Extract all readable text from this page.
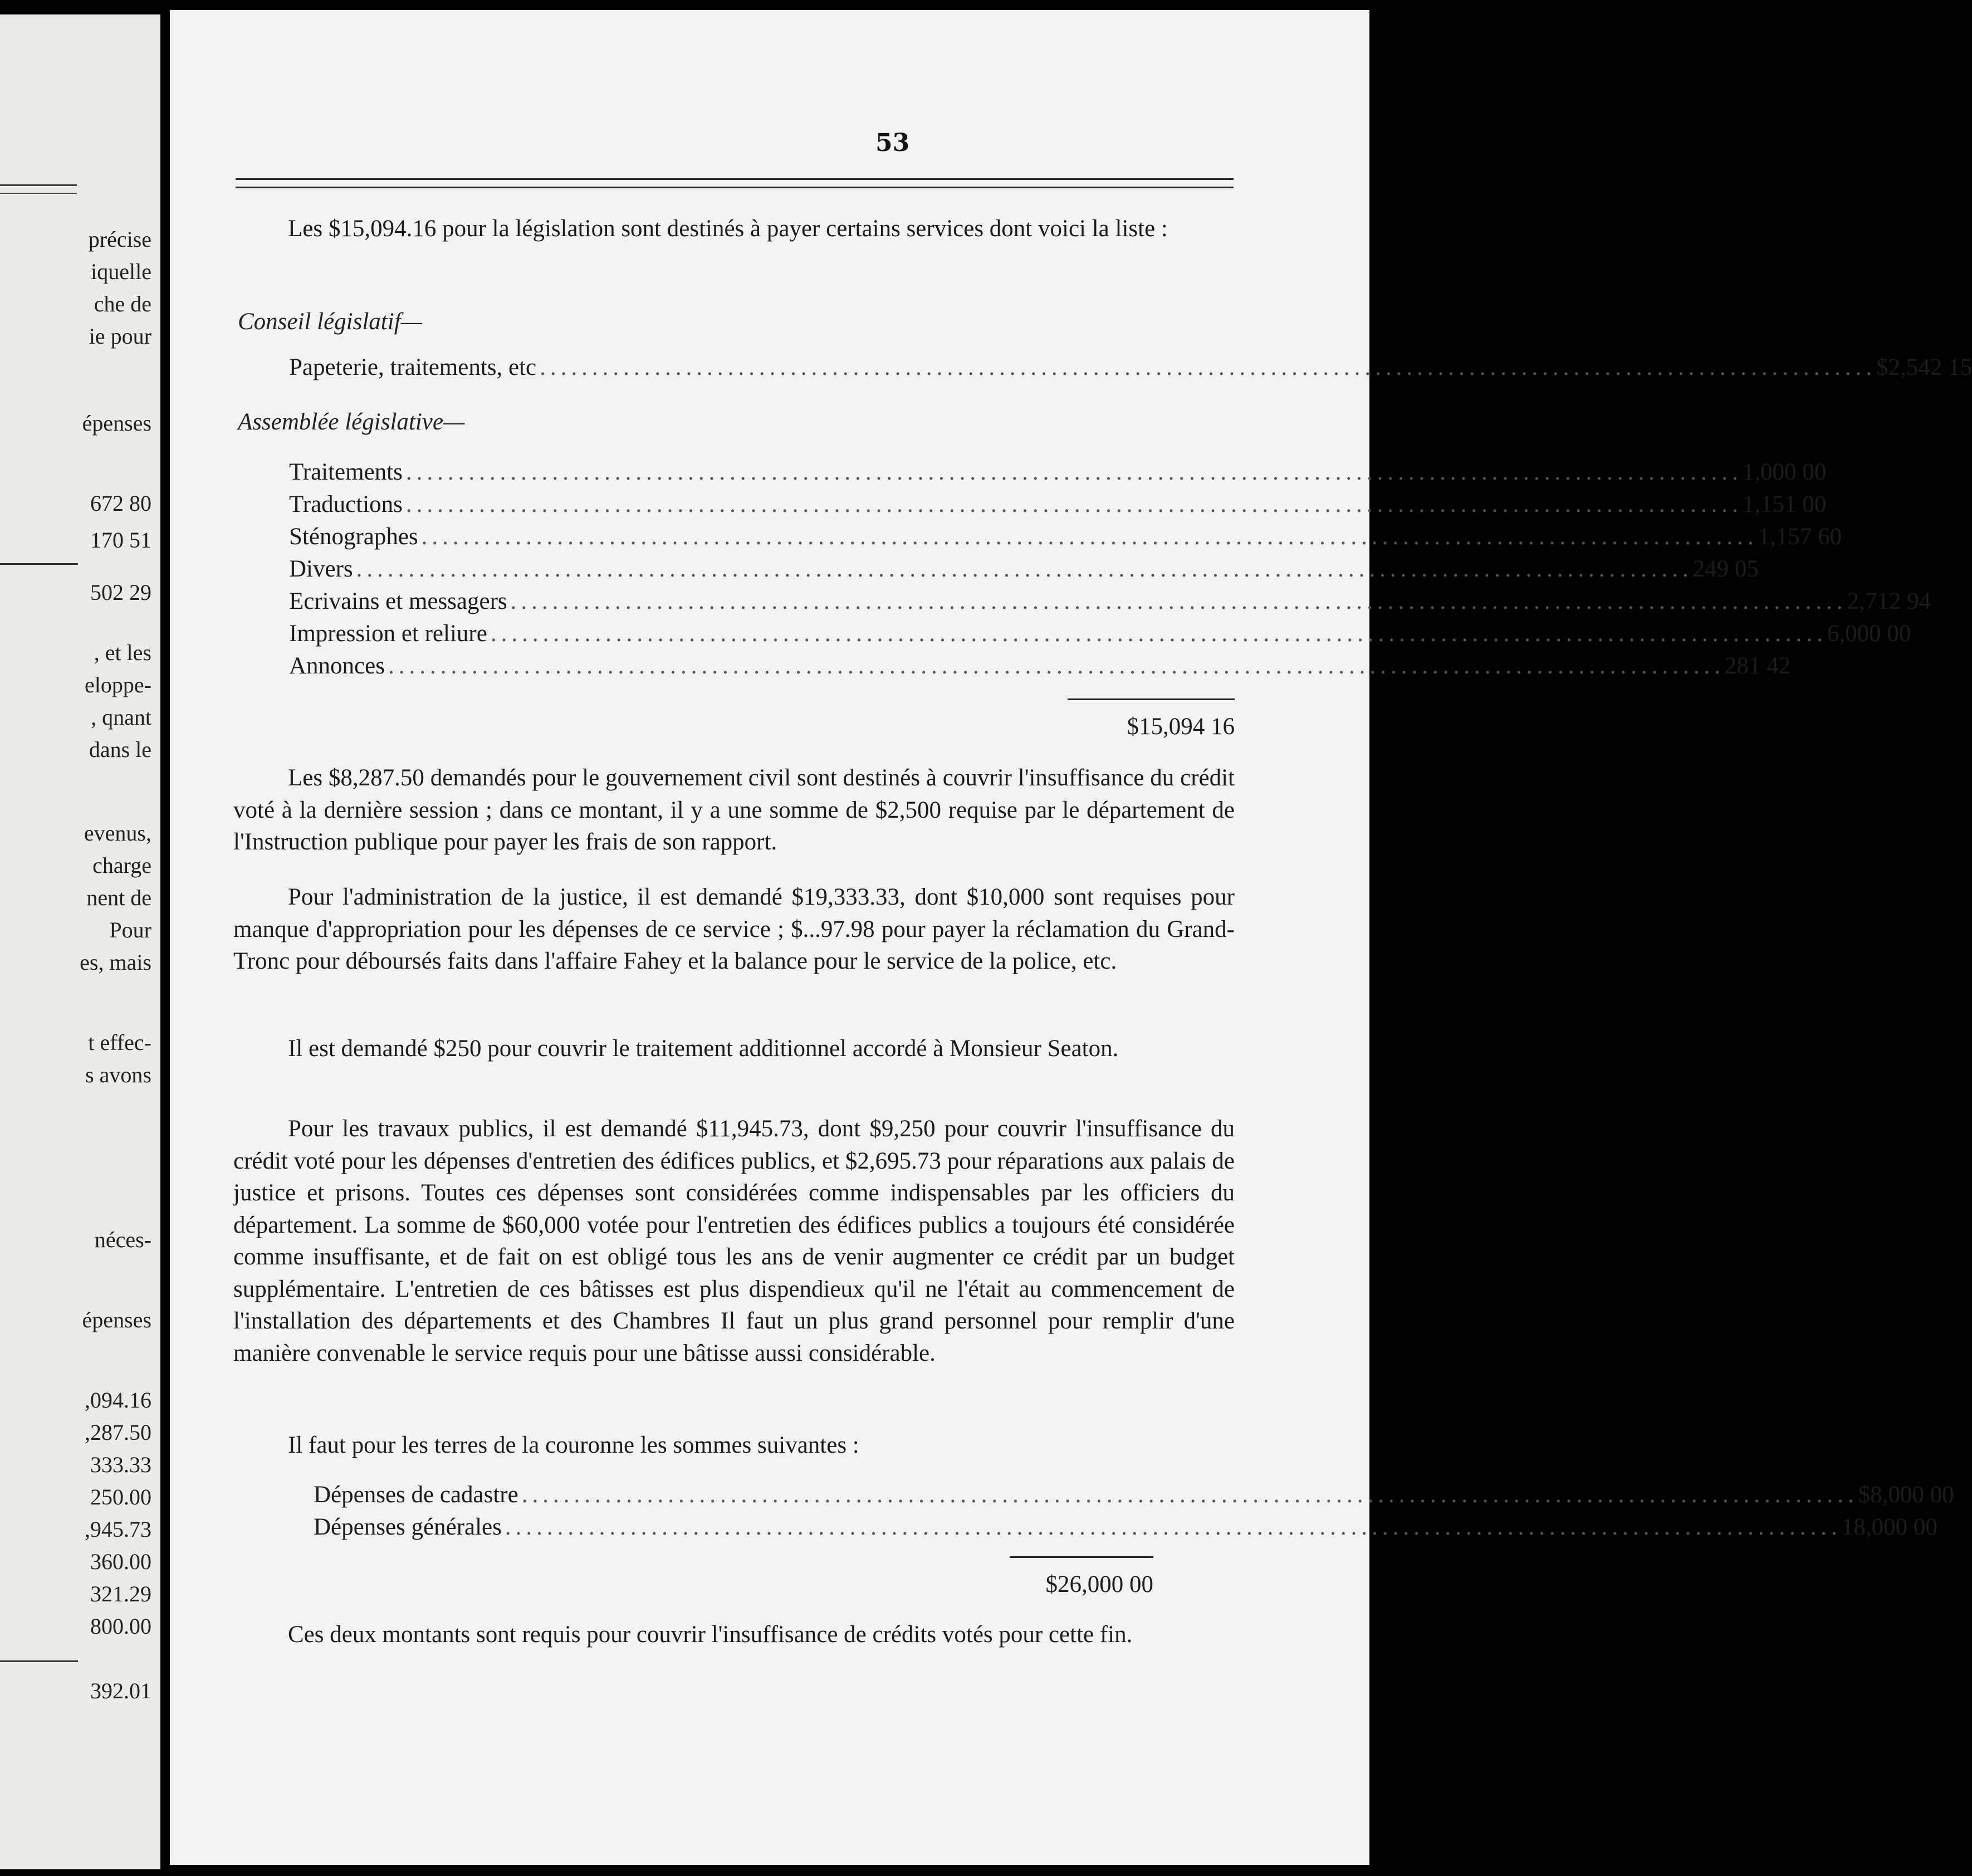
précise
iquelle
che de
ie pour
épenses
672 80
170 51
502 29
, et les
eloppe-
, qnant
dans le
evenus,
charge
nent de
Pour
es, mais
t effec-
s avons
néces-
épenses
,094.16
,287.50
333.33
250.00
,945.73
360.00
321.29
800.00
392.01
53
Les $15,094.16 pour la législation sont destinés à payer certains services dont voici la liste :
Conseil législatif—
Papeterie, traitements, etc ................................................................................................................................ $ 2,542 15
Assemblée législative—
Traitements ................................................................................................................................ 1,000 00
Traductions ................................................................................................................................ 1,151 00
Sténographes ................................................................................................................................ 1,157 60
Divers ................................................................................................................................ 249 05
Ecrivains et messagers ................................................................................................................................ 2,712 94
Impression et reliure ................................................................................................................................ 6,000 00
Annonces ................................................................................................................................ 281 42
$15,094 16
Les $8,287.50 demandés pour le gouvernement civil sont destinés à couvrir l'insuffisance du crédit voté à la dernière session ; dans ce montant, il y a une somme de $2,500 requise par le département de l'Instruction publique pour payer les frais de son rapport.
Pour l'administration de la justice, il est demandé $19,333.33, dont $10,000 sont requises pour manque d'appropriation pour les dépenses de ce service ; $...97.98 pour payer la réclamation du Grand-Tronc pour déboursés faits dans l'affaire Fahey et la balance pour le service de la police, etc.
Il est demandé $250 pour couvrir le traitement additionnel accordé à Monsieur Seaton.
Pour les travaux publics, il est demandé $11,945.73, dont $9,250 pour couvrir l'insuffisance du crédit voté pour les dépenses d'entretien des édifices publics, et $2,695.73 pour réparations aux palais de justice et prisons. Toutes ces dépenses sont considérées comme indispensables par les officiers du département. La somme de $60,000 votée pour l'entretien des édifices publics a toujours été considérée comme insuffisante, et de fait on est obligé tous les ans de venir augmenter ce crédit par un budget supplémentaire. L'entretien de ces bâtisses est plus dispendieux qu'il ne l'était au commencement de l'installation des départements et des Chambres Il faut un plus grand personnel pour remplir d'une manière convenable le service requis pour une bâtisse aussi considérable.
Il faut pour les terres de la couronne les sommes suivantes :
Dépenses de cadastre ................................................................................................................................ $ 8,000 00
Dépenses générales ................................................................................................................................ 18,000 00
$26,000 00
Ces deux montants sont requis pour couvrir l'insuffisance de crédits votés pour cette fin.
